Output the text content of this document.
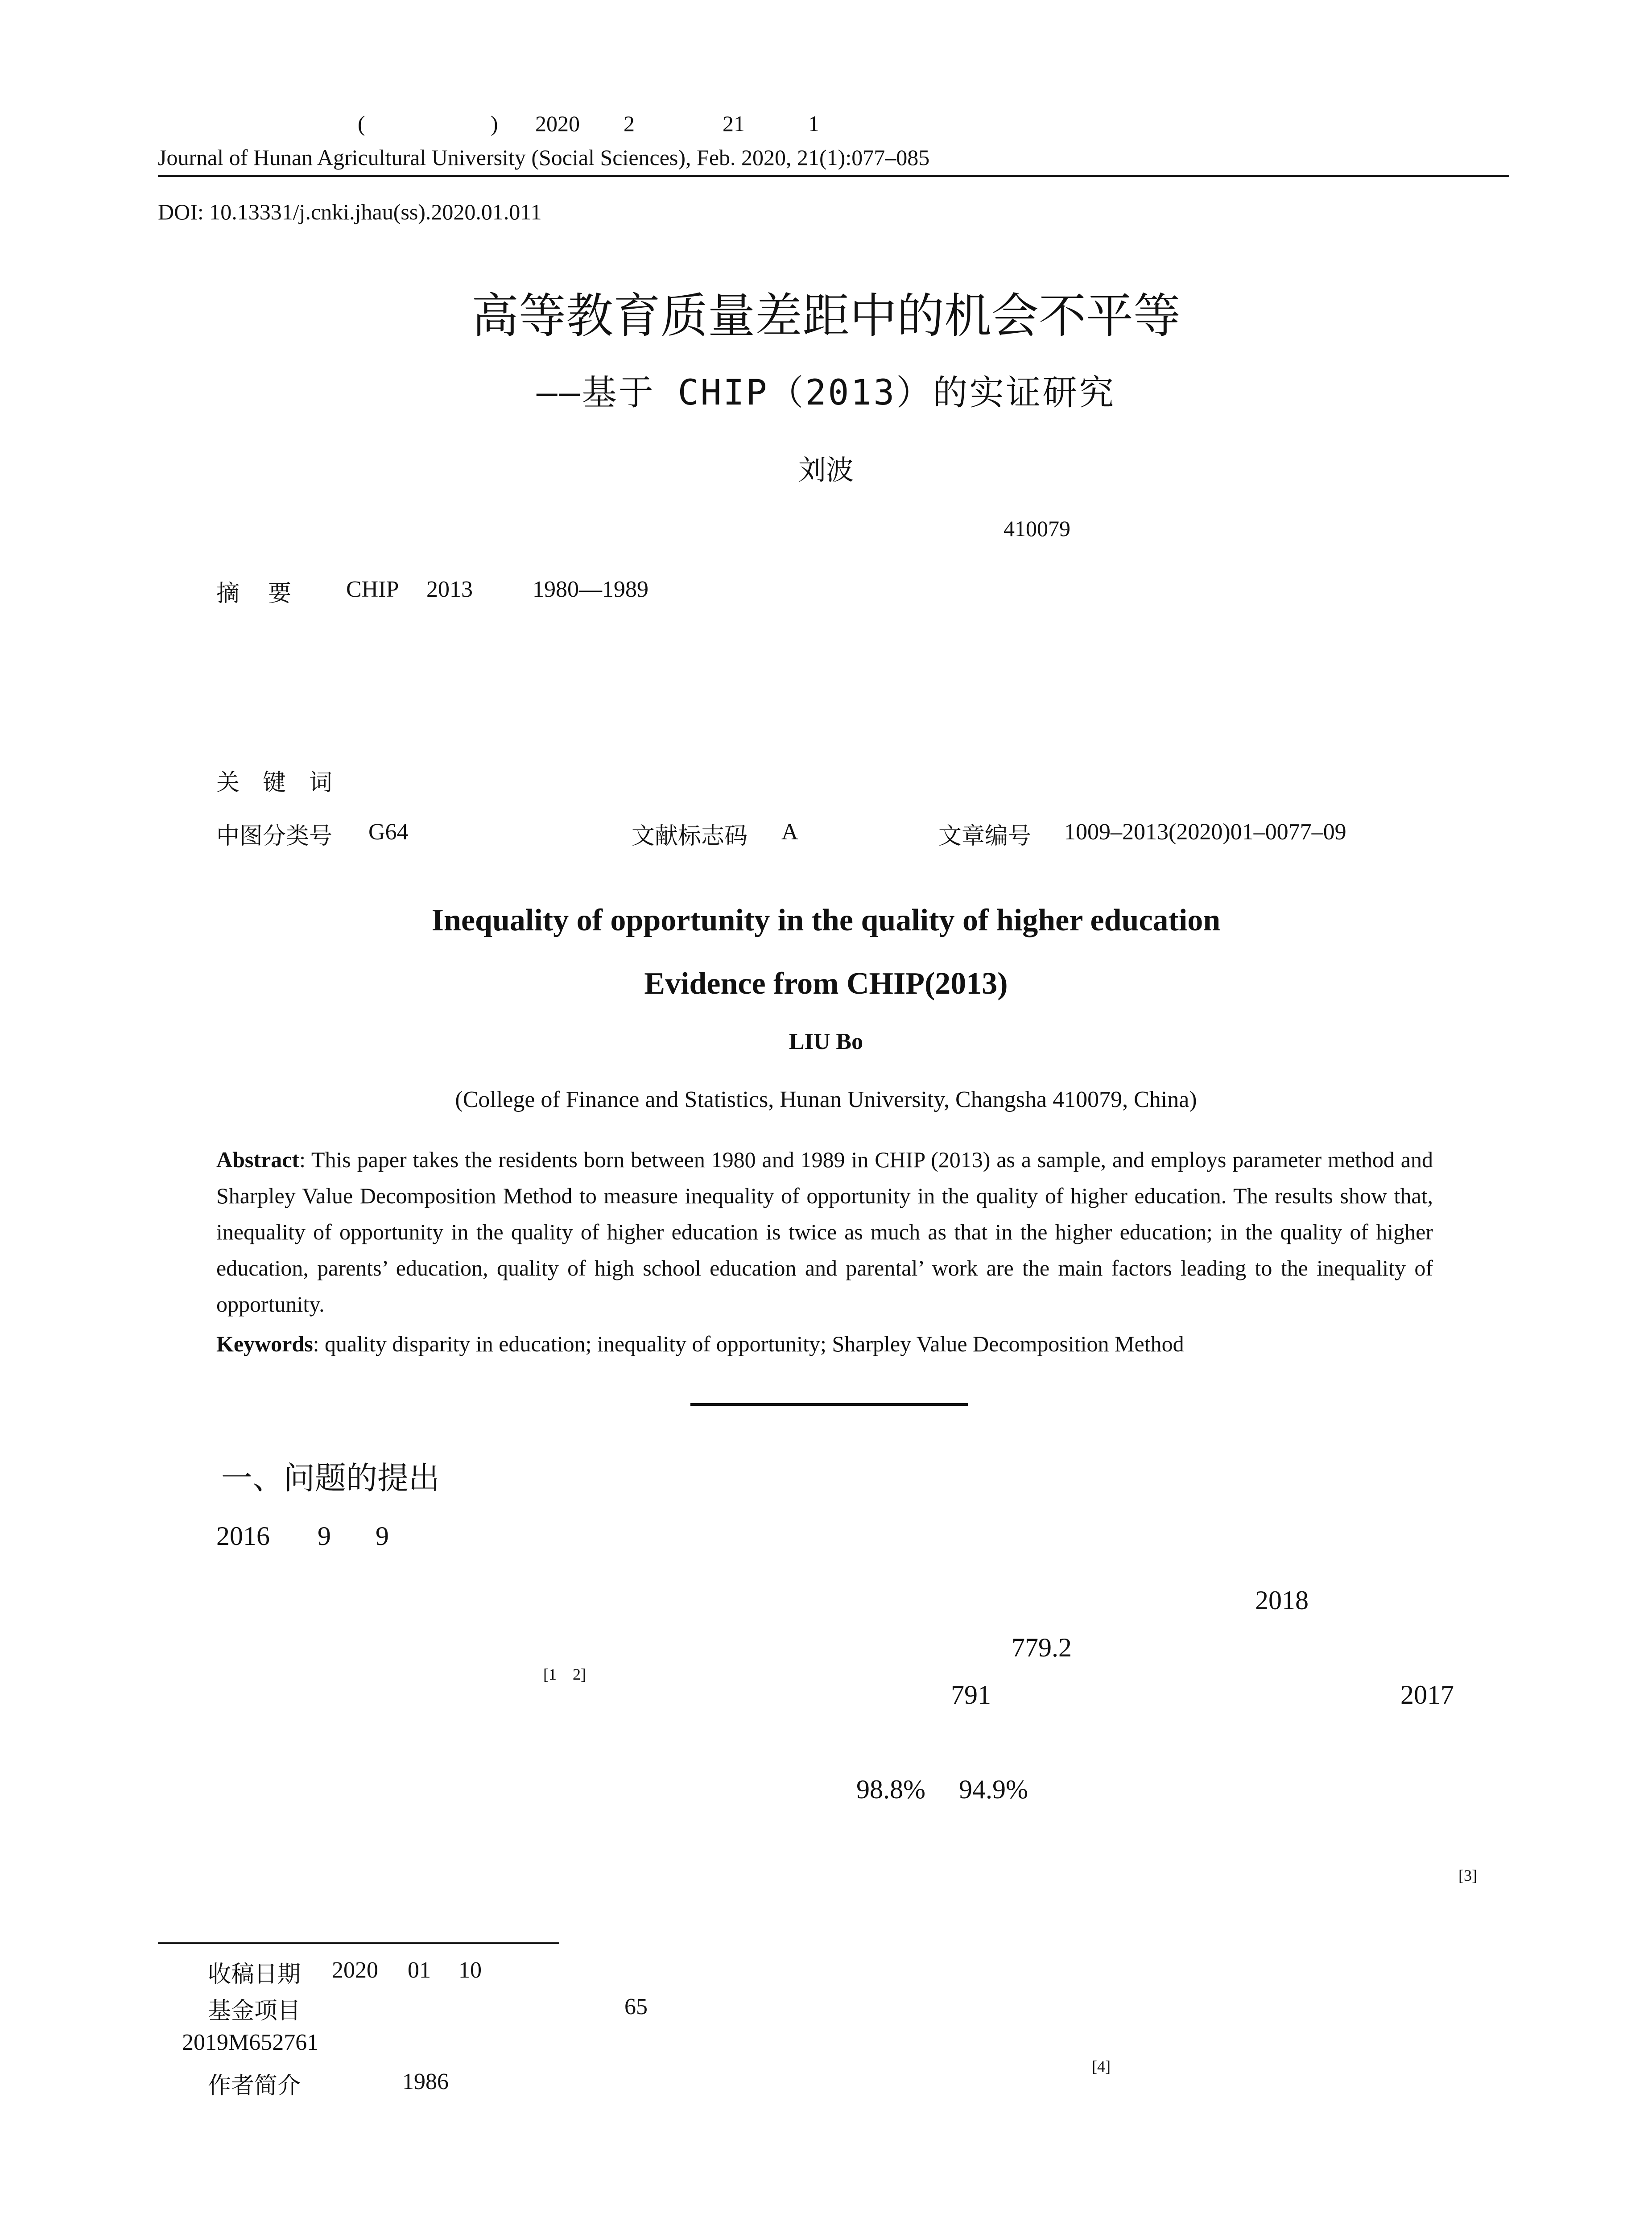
(	) 2020 2	21	1
Journal of Hunan Agricultural University (Social Sciences), Feb. 2020, 21(1):077–085
DOI: 10.13331/j.cnki.jhau(ss).2020.01.011
高等教育质量差距中的机会不平等
——基于 CHIP（2013）的实证研究
刘波
410079
摘　要 CHIP 2013	1980—1989
关　键　词
中图分类号 G64	文献标志码 A	文章编号 1009–2013(2020)01–0077–09
Inequality of opportunity in the quality of higher education
Evidence from CHIP(2013)
LIU Bo
(College of Finance and Statistics, Hunan University, Changsha 410079, China)
Abstract: This paper takes the residents born between 1980 and 1989 in CHIP (2013) as a sample, and employs parameter method and Sharpley Value Decomposition Method to measure inequality of opportunity in the quality of higher education. The results show that, inequality of opportunity in the quality of higher education is twice as much as that in the higher education; in the quality of higher education, parents’ education, quality of high school education and parental’ work are the main factors leading to the inequality of opportunity.
Keywords: quality disparity in education; inequality of opportunity; Sharpley Value Decomposition Method
一、问题的提出
2016 9 9
2018
779.2
[1　2]
791	2017
98.8% 94.9%
[3]
[4]
收稿日期 2020 01 10
基金项目	65
2019M652761
作者简介	1986
